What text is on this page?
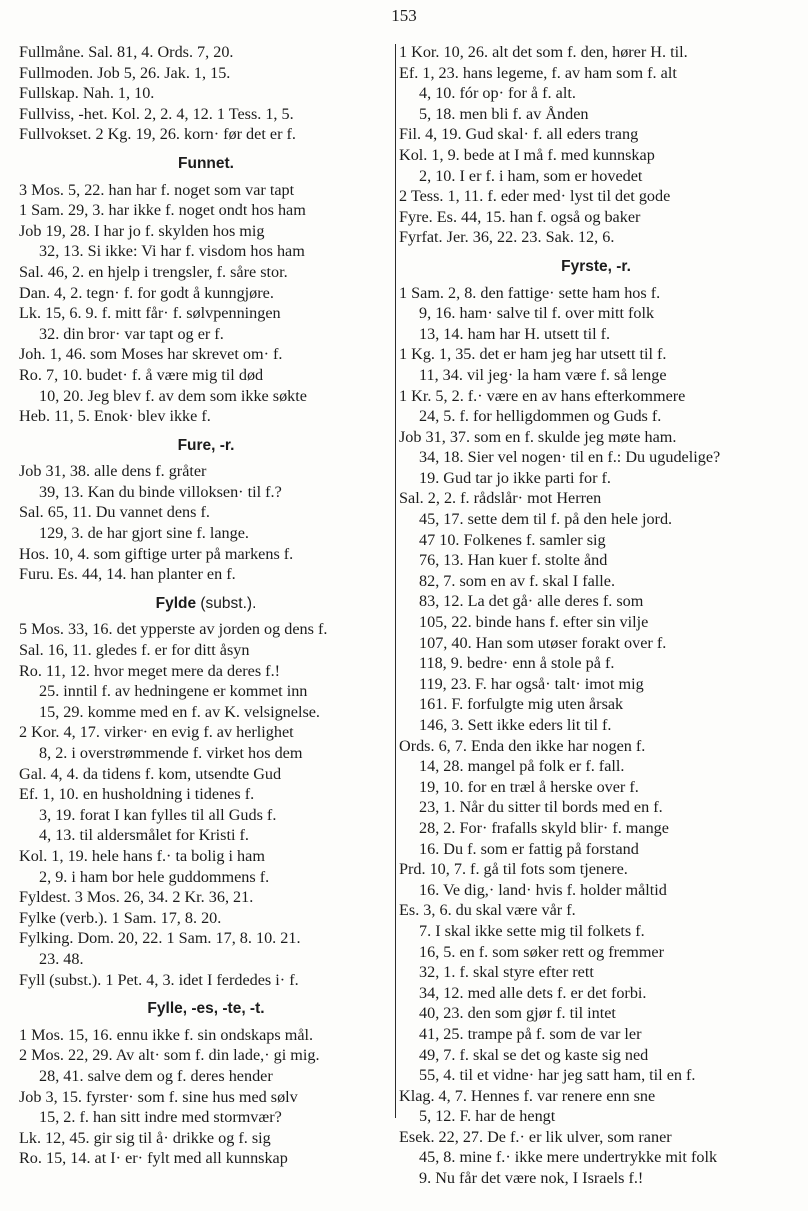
153
Fullmåne. Sal. 81, 4. Ords. 7, 20.
Fullmoden. Job 5, 26. Jak. 1, 15.
Fullskap. Nah. 1, 10.
Fullviss, -het. Kol. 2, 2. 4, 12. 1 Tess. 1, 5.
Fullvokset. 2 Kg. 19, 26. korn· før det er f.
Funnet.
3 Mos. 5, 22. han har f. noget som var tapt
1 Sam. 29, 3. har ikke f. noget ondt hos ham
Job 19, 28. I har jo f. skylden hos mig
32, 13. Si ikke: Vi har f. visdom hos ham
Sal. 46, 2. en hjelp i trengsler, f. såre stor.
Dan. 4, 2. tegn· f. for godt å kunngjøre.
Lk. 15, 6. 9. f. mitt får· f. sølvpenningen
32. din bror· var tapt og er f.
Joh. 1, 46. som Moses har skrevet om· f.
Ro. 7, 10. budet· f. å være mig til død
10, 20. Jeg blev f. av dem som ikke søkte
Heb. 11, 5. Enok· blev ikke f.
Fure, -r.
Job 31, 38. alle dens f. gråter
39, 13. Kan du binde villoksen· til f.?
Sal. 65, 11. Du vannet dens f.
129, 3. de har gjort sine f. lange.
Hos. 10, 4. som giftige urter på markens f.
Furu. Es. 44, 14. han planter en f.
Fylde (subst.).
5 Mos. 33, 16. det ypperste av jorden og dens f.
Sal. 16, 11. gledes f. er for ditt åsyn
Ro. 11, 12. hvor meget mere da deres f.!
25. inntil f. av hedningene er kommet inn
15, 29. komme med en f. av K. velsignelse.
2 Kor. 4, 17. virker· en evig f. av herlighet
8, 2. i overstrømmende f. virket hos dem
Gal. 4, 4. da tidens f. kom, utsendte Gud
Ef. 1, 10. en husholdning i tidenes f.
3, 19. forat I kan fylles til all Guds f.
4, 13. til aldersmålet for Kristi f.
Kol. 1, 19. hele hans f.· ta bolig i ham
2, 9. i ham bor hele guddommens f.
Fyldest. 3 Mos. 26, 34. 2 Kr. 36, 21.
Fylke (verb.). 1 Sam. 17, 8. 20.
Fylking. Dom. 20, 22. 1 Sam. 17, 8. 10. 21.
23. 48.
Fyll (subst.). 1 Pet. 4, 3. idet I ferdedes i· f.
Fylle, -es, -te, -t.
1 Mos. 15, 16. ennu ikke f. sin ondskaps mål.
2 Mos. 22, 29. Av alt· som f. din lade,· gi mig.
28, 41. salve dem og f. deres hender
Job 3, 15. fyrster· som f. sine hus med sølv
15, 2. f. han sitt indre med stormvær?
Lk. 12, 45. gir sig til å· drikke og f. sig
Ro. 15, 14. at I· er· fylt med all kunnskap
1 Kor. 10, 26. alt det som f. den, hører H. til.
Ef. 1, 23. hans legeme, f. av ham som f. alt
4, 10. fór op· for å f. alt.
5, 18. men bli f. av Ånden
Fil. 4, 19. Gud skal· f. all eders trang
Kol. 1, 9. bede at I må f. med kunnskap
2, 10. I er f. i ham, som er hovedet
2 Tess. 1, 11. f. eder med· lyst til det gode
Fyre. Es. 44, 15. han f. også og baker
Fyrfat. Jer. 36, 22. 23. Sak. 12, 6.
Fyrste, -r.
1 Sam. 2, 8. den fattige· sette ham hos f.
9, 16. ham· salve til f. over mitt folk
13, 14. ham har H. utsett til f.
1 Kg. 1, 35. det er ham jeg har utsett til f.
11, 34. vil jeg· la ham være f. så lenge
1 Kr. 5, 2. f.· være en av hans efterkommere
24, 5. f. for helligdommen og Guds f.
Job 31, 37. som en f. skulde jeg møte ham.
34, 18. Sier vel nogen· til en f.: Du ugudelige?
19. Gud tar jo ikke parti for f.
Sal. 2, 2. f. rådslår· mot Herren
45, 17. sette dem til f. på den hele jord.
47 10. Folkenes f. samler sig
76, 13. Han kuer f. stolte ånd
82, 7. som en av f. skal I falle.
83, 12. La det gå· alle deres f. som
105, 22. binde hans f. efter sin vilje
107, 40. Han som utøser forakt over f.
118, 9. bedre· enn å stole på f.
119, 23. F. har også· talt· imot mig
161. F. forfulgte mig uten årsak
146, 3. Sett ikke eders lit til f.
Ords. 6, 7. Enda den ikke har nogen f.
14, 28. mangel på folk er f. fall.
19, 10. for en træl å herske over f.
23, 1. Når du sitter til bords med en f.
28, 2. For· frafalls skyld blir· f. mange
16. Du f. som er fattig på forstand
Prd. 10, 7. f. gå til fots som tjenere.
16. Ve dig,· land· hvis f. holder måltid
Es. 3, 6. du skal være vår f.
7. I skal ikke sette mig til folkets f.
16, 5. en f. som søker rett og fremmer
32, 1. f. skal styre efter rett
34, 12. med alle dets f. er det forbi.
40, 23. den som gjør f. til intet
41, 25. trampe på f. som de var ler
49, 7. f. skal se det og kaste sig ned
55, 4. til et vidne· har jeg satt ham, til en f.
Klag. 4, 7. Hennes f. var renere enn sne
5, 12. F. har de hengt
Esek. 22, 27. De f.· er lik ulver, som raner
45, 8. mine f.· ikke mere undertrykke mit folk
9. Nu får det være nok, I Israels f.!
